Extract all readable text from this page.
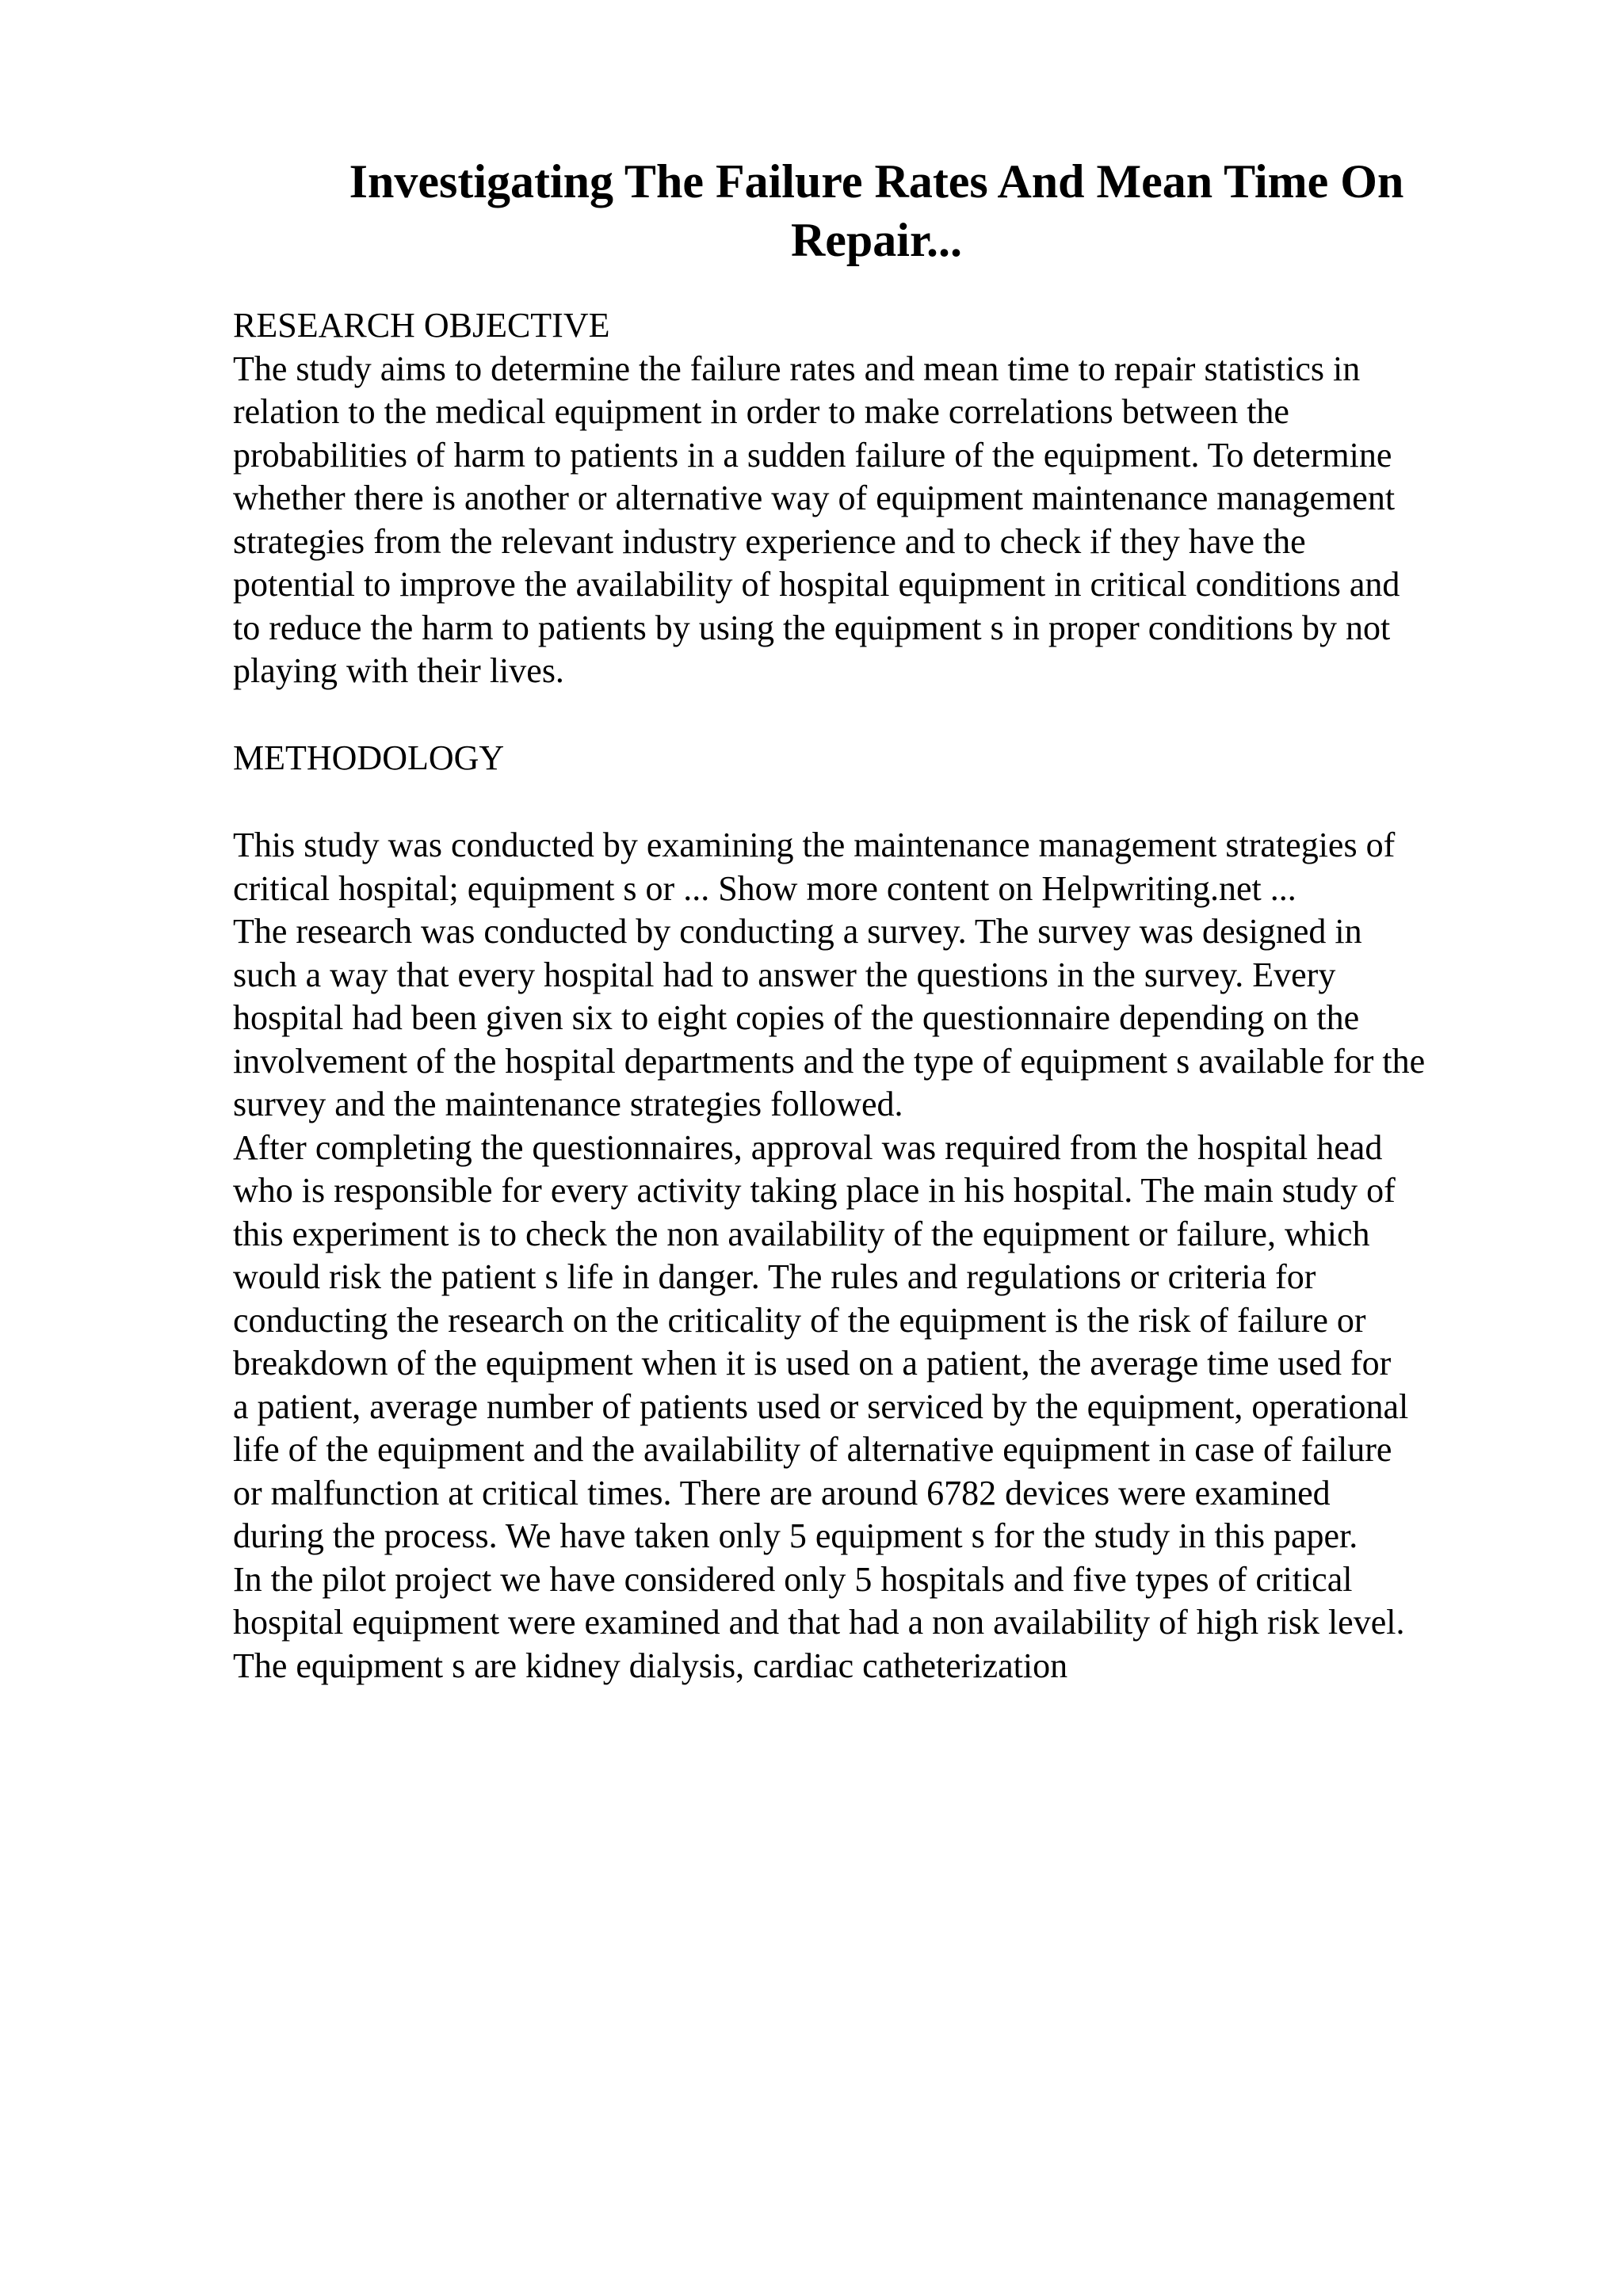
Investigating The Failure Rates And Mean Time On
Repair...
RESEARCH OBJECTIVE
The study aims to determine the failure rates and mean time to repair statistics in
relation to the medical equipment in order to make correlations between the
probabilities of harm to patients in a sudden failure of the equipment. To determine
whether there is another or alternative way of equipment maintenance management
strategies from the relevant industry experience and to check if they have the
potential to improve the availability of hospital equipment in critical conditions and
to reduce the harm to patients by using the equipment s in proper conditions by not
playing with their lives.
METHODOLOGY
This study was conducted by examining the maintenance management strategies of
critical hospital; equipment s or ... Show more content on Helpwriting.net ...
The research was conducted by conducting a survey. The survey was designed in
such a way that every hospital had to answer the questions in the survey. Every
hospital had been given six to eight copies of the questionnaire depending on the
involvement of the hospital departments and the type of equipment s available for the
survey and the maintenance strategies followed.
After completing the questionnaires, approval was required from the hospital head
who is responsible for every activity taking place in his hospital. The main study of
this experiment is to check the non availability of the equipment or failure, which
would risk the patient s life in danger. The rules and regulations or criteria for
conducting the research on the criticality of the equipment is the risk of failure or
breakdown of the equipment when it is used on a patient, the average time used for
a patient, average number of patients used or serviced by the equipment, operational
life of the equipment and the availability of alternative equipment in case of failure
or malfunction at critical times. There are around 6782 devices were examined
during the process. We have taken only 5 equipment s for the study in this paper.
In the pilot project we have considered only 5 hospitals and five types of critical
hospital equipment were examined and that had a non availability of high risk level.
The equipment s are kidney dialysis, cardiac catheterization
